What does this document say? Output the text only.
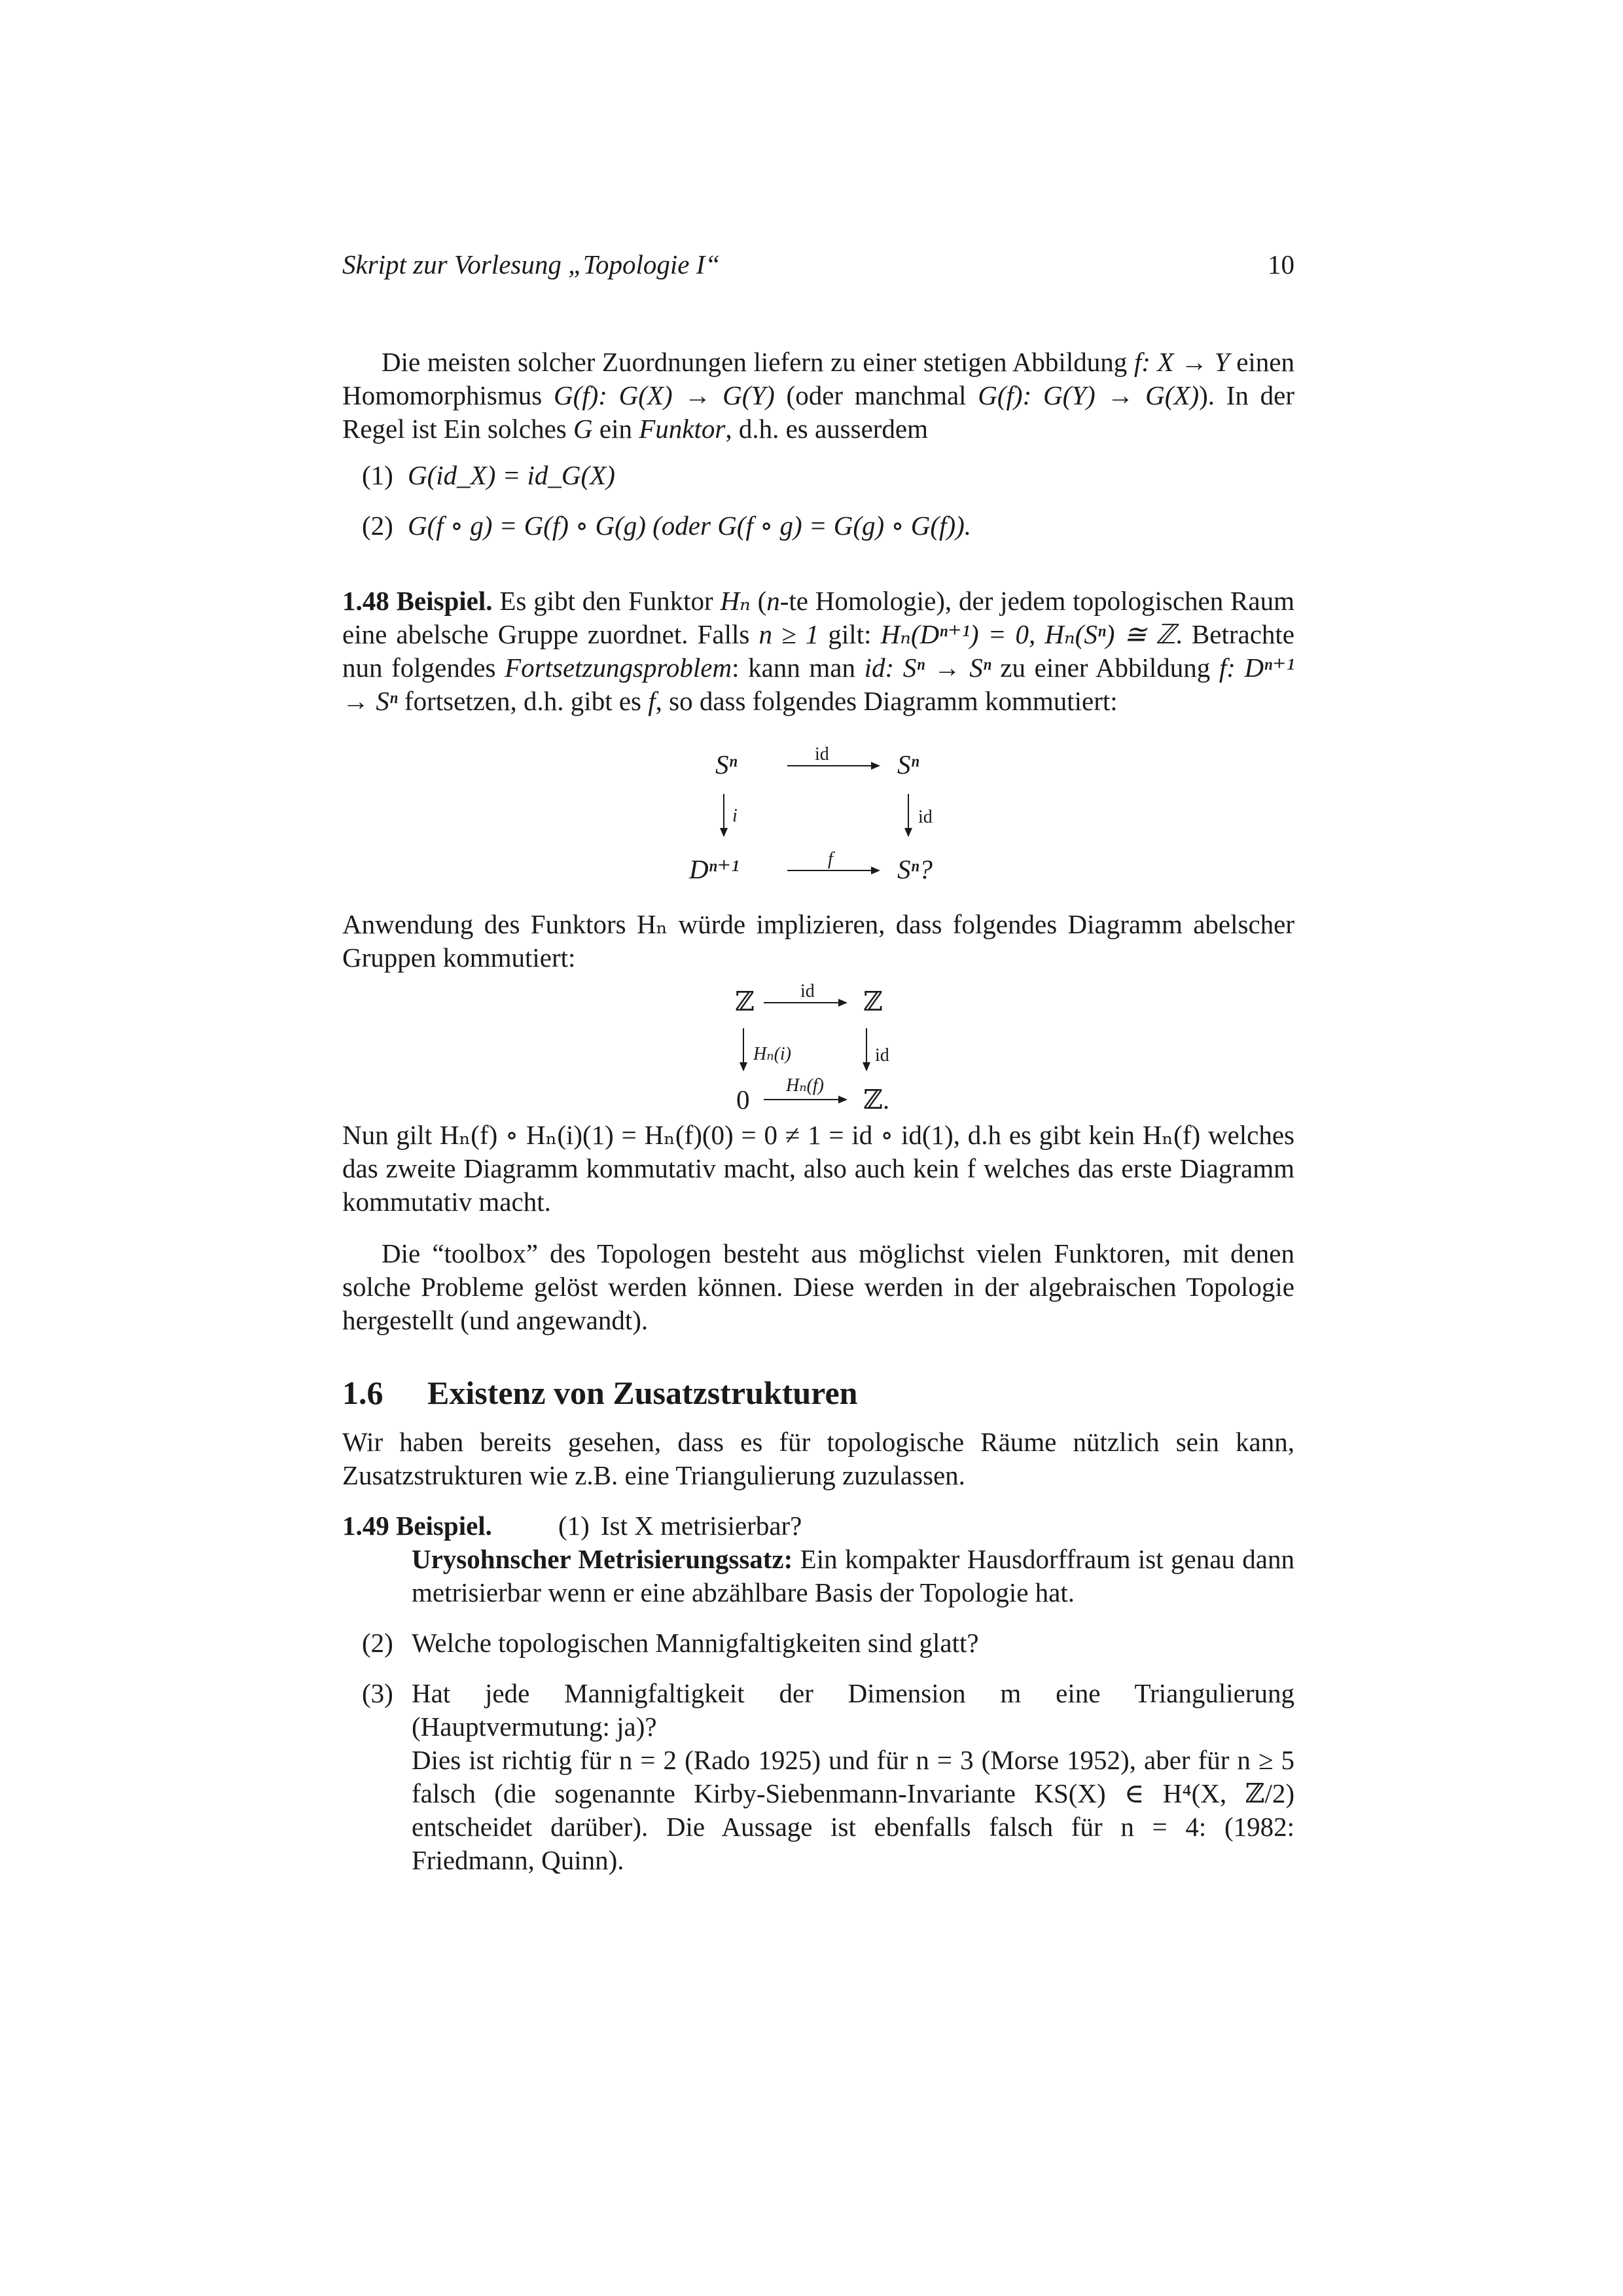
Skript zur Vorlesung „Topologie I“	10

Die meisten solcher Zuordnungen liefern zu einer stetigen Abbildung f: X → Y einen Homomorphismus G(f): G(X) → G(Y) (oder manchmal G(f): G(Y) → G(X)). In der Regel ist Ein solches G ein Funktor, d.h. es ausserdem

(1) G(id_X) = id_G(X)
(2) G(f ∘ g) = G(f) ∘ G(g) (oder G(f ∘ g) = G(g) ∘ G(f)).

1.48 Beispiel. Es gibt den Funktor Hₙ (n-te Homologie), der jedem topologischen Raum eine abelsche Gruppe zuordnet. Falls n ≥ 1 gilt: Hₙ(Dⁿ⁺¹) = 0, Hₙ(Sⁿ) ≅ ℤ. Betrachte nun folgendes Fortsetzungsproblem: kann man id: Sⁿ → Sⁿ zu einer Abbildung f: Dⁿ⁺¹ → Sⁿ fortsetzen, d.h. gibt es f, so dass folgendes Diagramm kommutiert:

Sⁿ	id	Sⁿ
i	id
Dⁿ⁺¹	f Sⁿ?

Anwendung des Funktors Hₙ würde implizieren, dass folgendes Diagramm abelscher Gruppen kommutiert:

ℤ	id ℤ
Hₙ(i)	id
0 Hₙ(f) ℤ.

Nun gilt Hₙ(f) ∘ Hₙ(i)(1) = Hₙ(f)(0) = 0 ≠ 1 = id ∘ id(1), d.h es gibt kein Hₙ(f) welches das zweite Diagramm kommutativ macht, also auch kein f welches das erste Diagramm kommutativ macht.

Die “toolbox” des Topologen besteht aus möglichst vielen Funktoren, mit denen solche Probleme gelöst werden können. Diese werden in der algebraischen Topologie hergestellt (und angewandt).

1.6 Existenz von Zusatzstrukturen

Wir haben bereits gesehen, dass es für topologische Räume nützlich sein kann, Zusatzstrukturen wie z.B. eine Triangulierung zuzulassen.

1.49 Beispiel.	(1) Ist X metrisierbar?

Urysohnscher Metrisierungssatz: Ein kompakter Hausdorffraum ist genau dann metrisierbar wenn er eine abzählbare Basis der Topologie hat.

(2) Welche topologischen Mannigfaltigkeiten sind glatt?
(3) Hat jede Mannigfaltigkeit der Dimension m eine Triangulierung (Hauptvermutung: ja)?
Dies ist richtig für n = 2 (Rado 1925) und für n = 3 (Morse 1952), aber für n ≥ 5 falsch (die sogenannte Kirby-Siebenmann-Invariante KS(X) ∈ H⁴(X, ℤ/2) entscheidet darüber). Die Aussage ist ebenfalls falsch für n = 4: (1982: Friedmann, Quinn).
